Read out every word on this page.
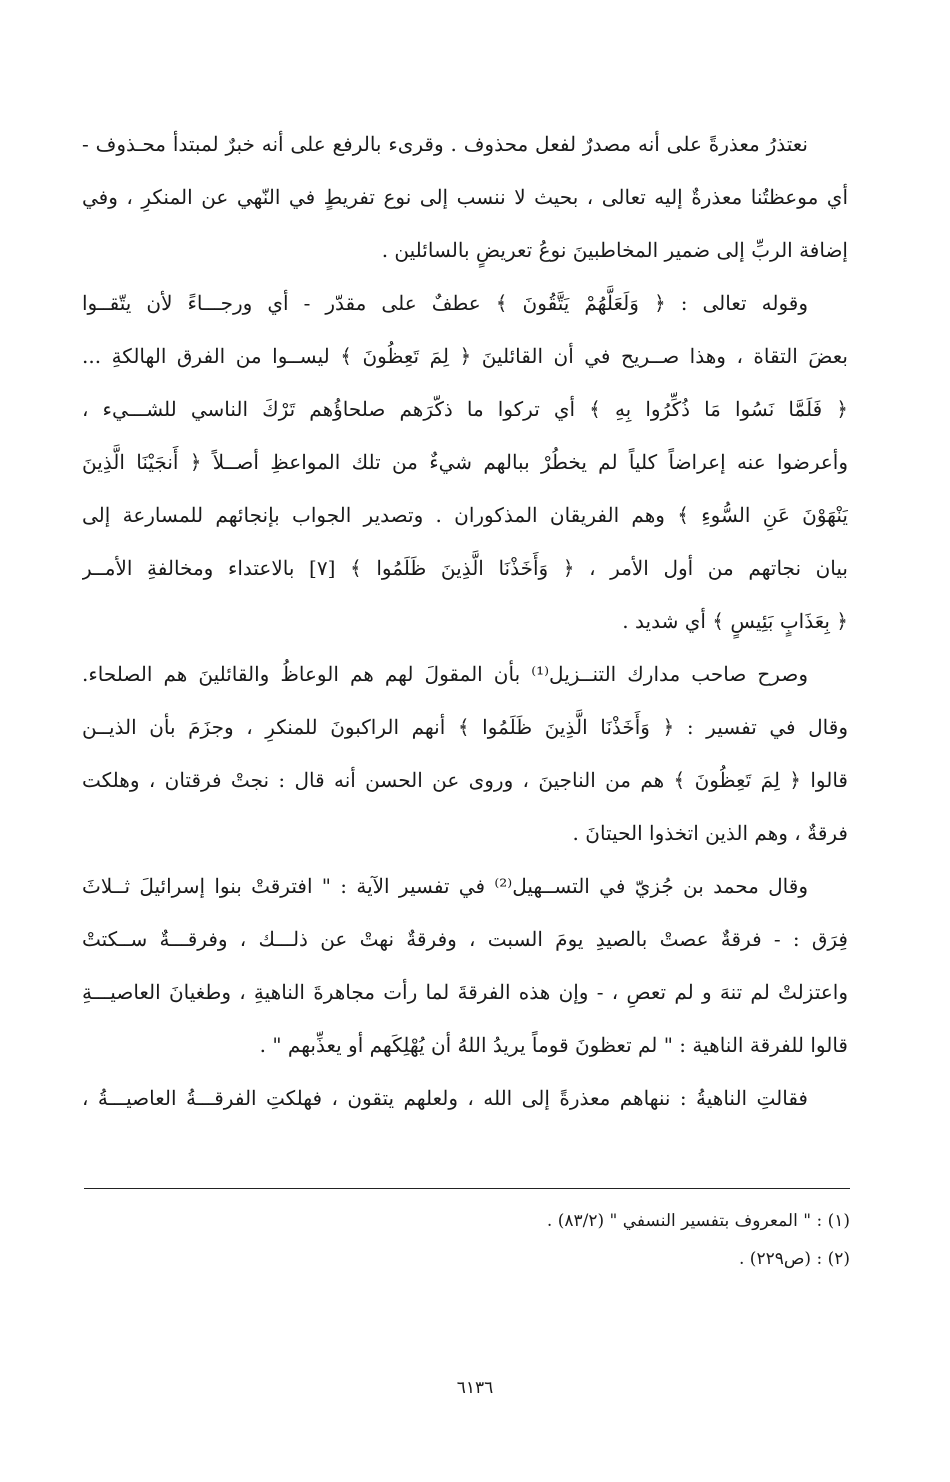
نعتذرُ معذرةً على أنه مصدرٌ لفعل محذوف . وقرىء بالرفع على أنه خبرٌ لمبتدأ محـذوف -
أي موعظتُنا معذرةٌ إليه تعالى ، بحيث لا ننسب إلى نوع تفريطٍ في النّهي عن المنكرِ ، وفي
إضافة الربِّ إلى ضمير المخاطبينَ نوعُ تعريضٍ بالسائلين .
وقوله تعالى : ﴿ وَلَعَلَّهُمْ يَتَّقُونَ ﴾ عطفٌ على مقدّر - أي ورجـــاءً لأن يتّقــوا
بعضَ التقاة ، وهذا صــريح في أن القائلينَ ﴿ لِمَ تَعِظُونَ ﴾ ليســوا من الفرق الهالكةِ ...
﴿ فَلَمَّا نَسُوا مَا ذُكِّرُوا بِهِ ﴾ أي تركوا ما ذكّرَهم صلحاؤُهم تَرْكَ الناسي للشـــيء ،
وأعرضوا عنه إعراضاً كلياً لم يخطُرْ ببالهم شيءٌ من تلك المواعظِ أصــلاً ﴿ أَنجَيْنَا الَّذِينَ
يَنْهَوْنَ عَنِ السُّوءِ ﴾ وهم الفريقان المذكوران . وتصدير الجواب بإنجائهم للمسارعة إلى
بيان نجاتهم من أول الأمر ، ﴿ وَأَخَذْنَا الَّذِينَ ظَلَمُوا ﴾ [٧] بالاعتداء ومخالفةِ الأمــر
﴿ بِعَذَابٍ بَئِيسٍ ﴾ أي شديد .
وصرح صاحب مدارك التنــزيل⁽¹⁾ بأن المقولَ لهم هم الوعاظُ والقائلينَ هم الصلحاء.
وقال في تفسير : ﴿ وَأَخَذْنَا الَّذِينَ ظَلَمُوا ﴾ أنهم الراكبونَ للمنكرِ ، وجزَمَ بأن الذيــن
قالوا ﴿ لِمَ تَعِظُونَ ﴾ هم من الناجينَ ، وروى عن الحسن أنه قال : نجتْ فرقتان ، وهلكت
فرقةٌ ، وهم الذين اتخذوا الحيتانَ .
وقال محمد بن جُزيّ في التســهيل⁽²⁾ في تفسير الآية : " افترقتْ بنوا إسرائيلَ ثــلاثَ
فِرَق : - فرقةٌ عصتْ بالصيدِ يومَ السبت ، وفرقةٌ نهتْ عن ذلـــك ، وفرقـــةٌ ســكتتْ
واعتزلتْ لم تنهَ و لم تعصِ ، - وإن هذه الفرقةَ لما رأت مجاهرةَ الناهيةِ ، وطغيانَ العاصيـــةِ
قالوا للفرقة الناهية : " لم تعظونَ قوماً يريدُ اللهُ أن يُهْلِكَهم أو يعذِّبهم " .
فقالتِ الناهيةُ : ننهاهم معذرةً إلى الله ، ولعلهم يتقون ، فهلكتِ الفرقـــةُ العاصيـــةُ ،
(١) : " المعروف بتفسير النسفي " (٨٣/٢) .
(٢) : (ص٢٢٩) .
٦١٣٦
